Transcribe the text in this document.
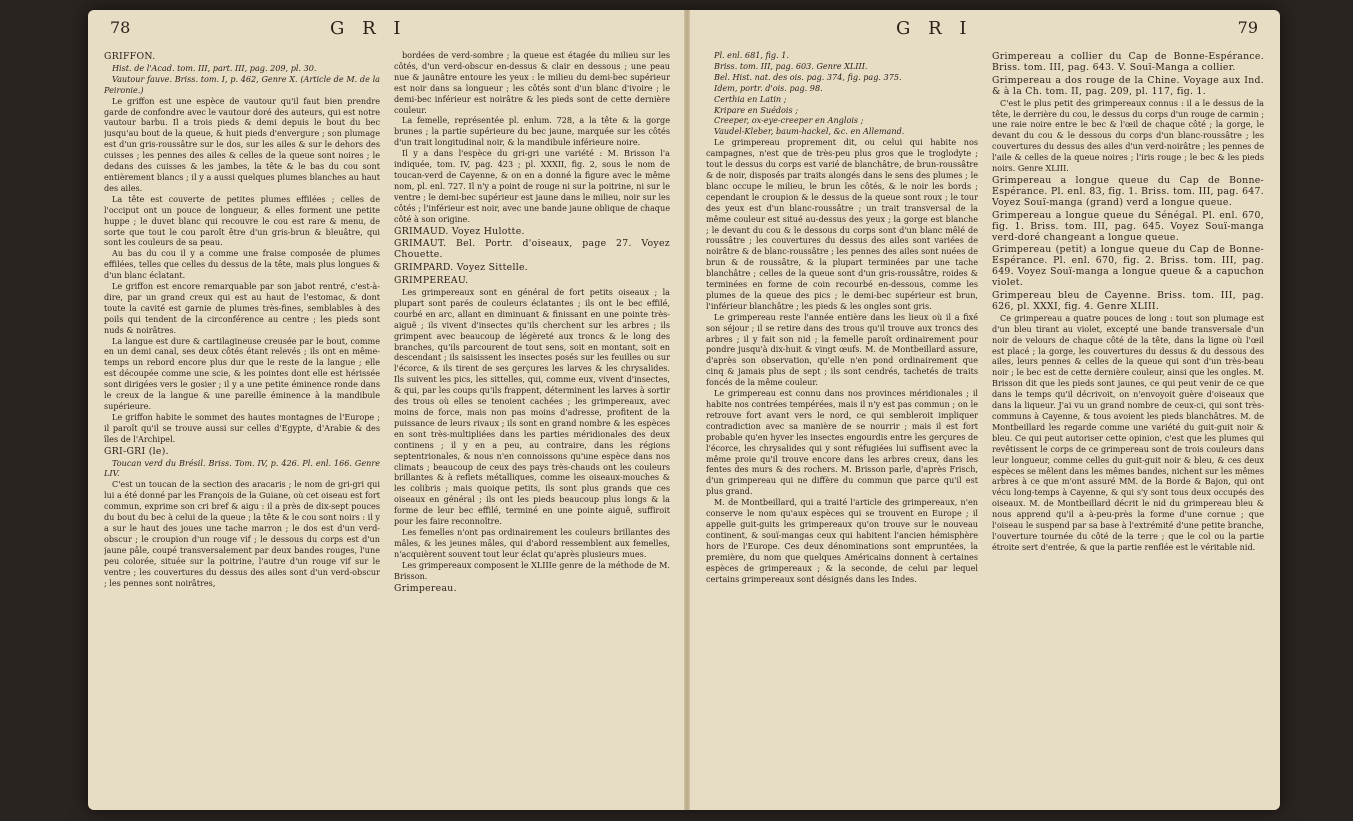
78	G R I

GRIFFON.

Hist. de l'Acad. tom. III, part. III, pag. 209, pl. 30.

Vautour fauve. Briss. tom. I, p. 462, Genre X. (Article de M. de la Peironie.)

Le griffon est une espèce de vautour qu'il faut bien prendre garde de confondre avec le vautour doré des auteurs, qui est notre vautour barbu. Il a trois pieds & demi depuis le bout du bec jusqu'au bout de la queue, & huit pieds d'envergure ; son plumage est d'un gris-roussâtre sur le dos, sur les ailes & sur le dehors des cuisses ; les pennes des ailes & celles de la queue sont noires ; le dedans des cuisses & les jambes, la tête & le bas du cou sont entièrement blancs ; il y a aussi quelques plumes blanches au haut des ailes.

La tête est couverte de petites plumes effilées ; celles de l'occiput ont un pouce de longueur, & elles forment une petite huppe ; le duvet blanc qui recouvre le cou est rare & menu, de sorte que tout le cou paroît être d'un gris-brun & bleuâtre, qui sont les couleurs de sa peau.

Au bas du cou il y a comme une fraise composée de plumes effilées, telles que celles du dessus de la tête, mais plus longues & d'un blanc éclatant.

Le griffon est encore remarquable par son jabot rentré, c'est-à-dire, par un grand creux qui est au haut de l'estomac, & dont toute la cavité est garnie de plumes très-fines, semblables à des poils qui tendent de la circonférence au centre ; les pieds sont nuds & noirâtres.

La langue est dure & cartilagineuse creusée par le bout, comme en un demi canal, ses deux côtés étant relevés ; ils ont en même-temps un rebord encore plus dur que le reste de la langue ; elle est découpée comme une scie, & les pointes dont elle est hérissée sont dirigées vers le gosier ; il y a une petite éminence ronde dans le creux de la langue & une pareille éminence à la mandibule supérieure.

Le griffon habite le sommet des hautes montagnes de l'Europe ; il paroît qu'il se trouve aussi sur celles d'Egypte, d'Arabie & des îles de l'Archipel.

GRI-GRI (le).

Toucan verd du Brésil. Briss. Tom. IV, p. 426. Pl. enl. 166. Genre LIV.

C'est un toucan de la section des aracaris ; le nom de gri-gri qui lui a été donné par les François de la Guiane, où cet oiseau est fort commun, exprime son cri bref & aigu : il a près de dix-sept pouces du bout du bec à celui de la queue ; la tête & le cou sont noirs : il y a sur le haut des joues une tache marron ; le dos est d'un verd-obscur ; le croupion d'un rouge vif ; le dessous du corps est d'un jaune pâle, coupé transversalement par deux bandes rouges, l'une peu colorée, située sur la poitrine, l'autre d'un rouge vif sur le ventre ; les couvertures du dessus des ailes sont d'un verd-obscur ; les pennes sont noirâtres,

bordées de verd-sombre ; la queue est étagée du milieu sur les côtés, d'un verd-obscur en-dessus & clair en dessous ; une peau nue & jaunâtre entoure les yeux : le milieu du demi-bec supérieur est noir dans sa longueur ; les côtés sont d'un blanc d'ivoire ; le demi-bec inférieur est noirâtre & les pieds sont de cette dernière couleur.

La femelle, représentée pl. enlum. 728, a la tête & la gorge brunes ; la partie supérieure du bec jaune, marquée sur les côtés d'un trait longitudinal noir, & la mandibule inférieure noire.

Il y a dans l'espèce du gri-gri une variété : M. Brisson l'a indiquée, tom. IV, pag. 423 ; pl. XXXII, fig. 2, sous le nom de toucan-verd de Cayenne, & on en a donné la figure avec le même nom, pl. enl. 727. Il n'y a point de rouge ni sur la poitrine, ni sur le ventre ; le demi-bec supérieur est jaune dans le milieu, noir sur les côtés ; l'inférieur est noir, avec une bande jaune oblique de chaque côté à son origine.

GRIMAUD. Voyez Hulotte.

GRIMAUT. Bel. Portr. d'oiseaux, page 27. Voyez Chouette.

GRIMPARD. Voyez Sittelle.

GRIMPEREAU.

Les grimpereaux sont en général de fort petits oiseaux ; la plupart sont parés de couleurs éclatantes ; ils ont le bec effilé, courbé en arc, allant en diminuant & finissant en une pointe très-aiguë ; ils vivent d'insectes qu'ils cherchent sur les arbres ; ils grimpent avec beaucoup de légèreté aux troncs & le long des branches, qu'ils parcourent de tout sens, soit en montant, soit en descendant ; ils saisissent les insectes posés sur les feuilles ou sur l'écorce, & ils tirent de ses gerçures les larves & les chrysalides. Ils suivent les pics, les sittelles, qui, comme eux, vivent d'insectes, & qui, par les coups qu'ils frappent, déterminent les larves à sortir des trous où elles se tenoient cachées ; les grimpereaux, avec moins de force, mais non pas moins d'adresse, profitent de la puissance de leurs rivaux ; ils sont en grand nombre & les espèces en sont très-multipliées dans les parties méridionales des deux continens ; il y en a peu, au contraire, dans les régions septentrionales, & nous n'en connoissons qu'une espèce dans nos climats ; beaucoup de ceux des pays très-chauds ont les couleurs brillantes & à reflets métalliques, comme les oiseaux-mouches & les colibris ; mais quoique petits, ils sont plus grands que ces oiseaux en général ; ils ont les pieds beaucoup plus longs & la forme de leur bec effilé, terminé en une pointe aiguë, suffiroit pour les faire reconnoître.

Les femelles n'ont pas ordinairement les couleurs brillantes des mâles, & les jeunes mâles, qui d'abord ressemblent aux femelles, n'acquièrent souvent tout leur éclat qu'après plusieurs mues.

Les grimpereaux composent le XLIIIe genre de la méthode de M. Brisson.

Grimpereau.

G R I	79

Pl. enl. 681, fig. 1.

Briss. tom. III, pag. 603. Genre XLIII.

Bel. Hist. nat. des ois. pag. 374, fig. pag. 375.

Idem, portr. d'ois. pag. 98.

Certhia en Latin ;

Kripare en Suédois ;

Creeper, ox-eye-creeper en Anglois ;

Vaudel-Kleber, baum-hackel, &c. en Allemand.

Le grimpereau proprement dit, ou celui qui habite nos campagnes, n'est que de très-peu plus gros que le troglodyte ; tout le dessus du corps est varié de blanchâtre, de brun-roussâtre & de noir, disposés par traits alongés dans le sens des plumes ; le blanc occupe le milieu, le brun les côtés, & le noir les bords ; cependant le croupion & le dessus de la queue sont roux ; le tour des yeux est d'un blanc-roussâtre ; un trait transversal de la même couleur est situé au-dessus des yeux ; la gorge est blanche ; le devant du cou & le dessous du corps sont d'un blanc mêlé de roussâtre ; les couvertures du dessus des ailes sont variées de noirâtre & de blanc-roussâtre ; les pennes des ailes sont nuées de brun & de roussâtre, & la plupart terminées par une tache blanchâtre ; celles de la queue sont d'un gris-roussâtre, roides & terminées en forme de coin recourbé en-dessous, comme les plumes de la queue des pics ; le demi-bec supérieur est brun, l'inférieur blanchâtre ; les pieds & les ongles sont gris.

Le grimpereau reste l'année entière dans les lieux où il a fixé son séjour ; il se retire dans des trous qu'il trouve aux troncs des arbres ; il y fait son nid ; la femelle paroît ordinairement pour pondre jusqu'à dix-huit & vingt œufs. M. de Montbeillard assure, d'après son observation, qu'elle n'en pond ordinairement que cinq & jamais plus de sept ; ils sont cendrés, tachetés de traits foncés de la même couleur.

Le grimpereau est connu dans nos provinces méridionales ; il habite nos contrées tempérées, mais il n'y est pas commun ; on le retrouve fort avant vers le nord, ce qui sembleroit impliquer contradiction avec sa manière de se nourrir ; mais il est fort probable qu'en hyver les insectes engourdis entre les gerçures de l'écorce, les chrysalides qui y sont réfugiées lui suffisent avec la même proie qu'il trouve encore dans les arbres creux, dans les fentes des murs & des rochers. M. Brisson parle, d'après Frisch, d'un grimpereau qui ne diffère du commun que parce qu'il est plus grand.

M. de Montbeillard, qui a traité l'article des grimpereaux, n'en conserve le nom qu'aux espèces qui se trouvent en Europe ; il appelle guit-guits les grimpereaux qu'on trouve sur le nouveau continent, & souï-mangas ceux qui habitent l'ancien hémisphère hors de l'Europe. Ces deux dénominations sont empruntées, la première, du nom que quelques Américains donnent à certaines espèces de grimpereaux ; & la seconde, de celui par lequel certains grimpereaux sont désignés dans les Indes.

Grimpereau a collier du Cap de Bonne-Espérance. Briss. tom. III, pag. 643. V. Souï-Manga a collier.

Grimpereau a dos rouge de la Chine. Voyage aux Ind. & à la Ch. tom. II, pag. 209, pl. 117, fig. 1.

C'est le plus petit des grimpereaux connus : il a le dessus de la tête, le derrière du cou, le dessus du corps d'un rouge de carmin ; une raie noire entre le bec & l'œil de chaque côté ; la gorge, le devant du cou & le dessous du corps d'un blanc-roussâtre ; les couvertures du dessus des ailes d'un verd-noirâtre ; les pennes de l'aile & celles de la queue noires ; l'iris rouge ; le bec & les pieds noirs. Genre XLIII.

Grimpereau a longue queue du Cap de Bonne-Espérance. Pl. enl. 83, fig. 1. Briss. tom. III, pag. 647. Voyez Souï-manga (grand) verd a longue queue.

Grimpereau a longue queue du Sénégal. Pl. enl. 670, fig. 1. Briss. tom. III, pag. 645. Voyez Souï-manga verd-doré changeant a longue queue.

Grimpereau (petit) a longue queue du Cap de Bonne-Espérance. Pl. enl. 670, fig. 2. Briss. tom. III, pag. 649. Voyez Souï-manga a longue queue & a capuchon violet.

Grimpereau bleu de Cayenne. Briss. tom. III, pag. 626, pl. XXXI, fig. 4. Genre XLIII.

Ce grimpereau a quatre pouces de long : tout son plumage est d'un bleu tirant au violet, excepté une bande transversale d'un noir de velours de chaque côté de la tête, dans la ligne où l'œil est placé ; la gorge, les couvertures du dessus & du dessous des ailes, leurs pennes & celles de la queue qui sont d'un très-beau noir ; le bec est de cette dernière couleur, ainsi que les ongles. M. Brisson dit que les pieds sont jaunes, ce qui peut venir de ce que dans le temps qu'il décrivoit, on n'envoyoit guère d'oiseaux que dans la liqueur. J'ai vu un grand nombre de ceux-ci, qui sont très-communs à Cayenne, & tous avoient les pieds blanchâtres. M. de Montbeillard les regarde comme une variété du guit-guit noir & bleu. Ce qui peut autoriser cette opinion, c'est que les plumes qui revêtissent le corps de ce grimpereau sont de trois couleurs dans leur longueur, comme celles du guit-guit noir & bleu, & ces deux espèces se mêlent dans les mêmes bandes, nichent sur les mêmes arbres à ce que m'ont assuré MM. de la Borde & Bajon, qui ont vécu long-temps à Cayenne, & qui s'y sont tous deux occupés des oiseaux. M. de Montbeillard décrit le nid du grimpereau bleu & nous apprend qu'il a à-peu-près la forme d'une cornue ; que l'oiseau le suspend par sa base à l'extrémité d'une petite branche, l'ouverture tournée du côté de la terre ; que le col ou la partie étroite sert d'entrée, & que la partie renflée est le véritable nid.
